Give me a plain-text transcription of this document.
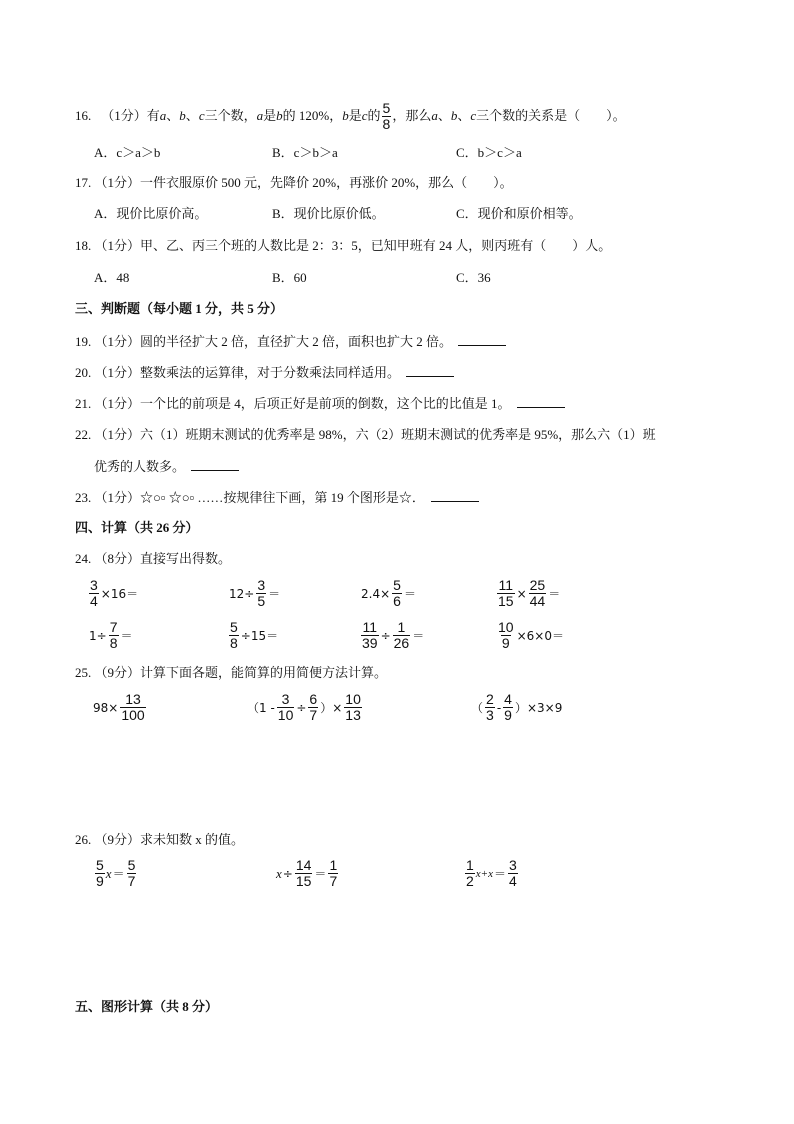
16. （1分） 有 a 、 b 、 c 三个数， a 是 b 的 120%， b 是 c 的 $\frac{5}{8}$ ，那么 a 、 b 、 c 三个数的关系是（　　）。
A．c＞a＞b	B．c＞b＞a	C．b＞c＞a
17. （1分）一件衣服原价 500 元，先降价 20%，再涨价 20%，那么（　　）。
A．现价比原价高。	B．现价比原价低。	C．现价和原价相等。
18. （1分）甲、乙、丙三个班的人数比是 2：3：5，已知甲班有 24 人，则丙班有（　　）人。
A．48	B．60	C．36
三、判断题（每小题 1 分，共 5 分）
19. （1分）圆的半径扩大 2 倍，直径扩大 2 倍，面积也扩大 2 倍。
20. （1分）整数乘法的运算律，对于分数乘法同样适用。
21. （1分）一个比的前项是 4，后项正好是前项的倒数，这个比的比值是 1。
22. （1分）六（1）班期末测试的优秀率是 98%，六（2）班期末测试的优秀率是 95%，那么六（1）班
优秀的人数多。
23. （1分）☆○▫ ☆○▫ ……按规律往下画，第 19 个图形是☆．
四、计算（共 26 分）
24. （8分）直接写出得数。
$\frac{3}{4} \times 16=$	$12\div \frac{3}{5}$ ＝	$2.4\times \frac{5}{6}$ ＝	$\frac{11}{15} \times \frac{25}{44}$ ＝
$1\div \frac{7}{8}$ ＝	$\frac{5}{8} \div 15=$	$\frac{11}{39} \div \frac{1}{26}$ ＝	$\frac{10}{9} \times 6\times 0=$
25. （9分）计算下面各题，能简算的用简便方法计算。
$98\times \frac{13}{100}$	（$1 - \frac{3}{10} \div \frac{6}{7}$ ）× $\frac{10}{13}$	（ $\frac{2}{3} - \frac{4}{9} )\times 3\times 9$
26. （9分）求未知数 x 的值。
$\frac{5}{9}$ $x = \frac{5}{7}$	$x \div \frac{14}{15} = \frac{1}{7}$	$\frac{1}{2} x+x = \frac{3}{4}$
五、图形计算（共 8 分）
